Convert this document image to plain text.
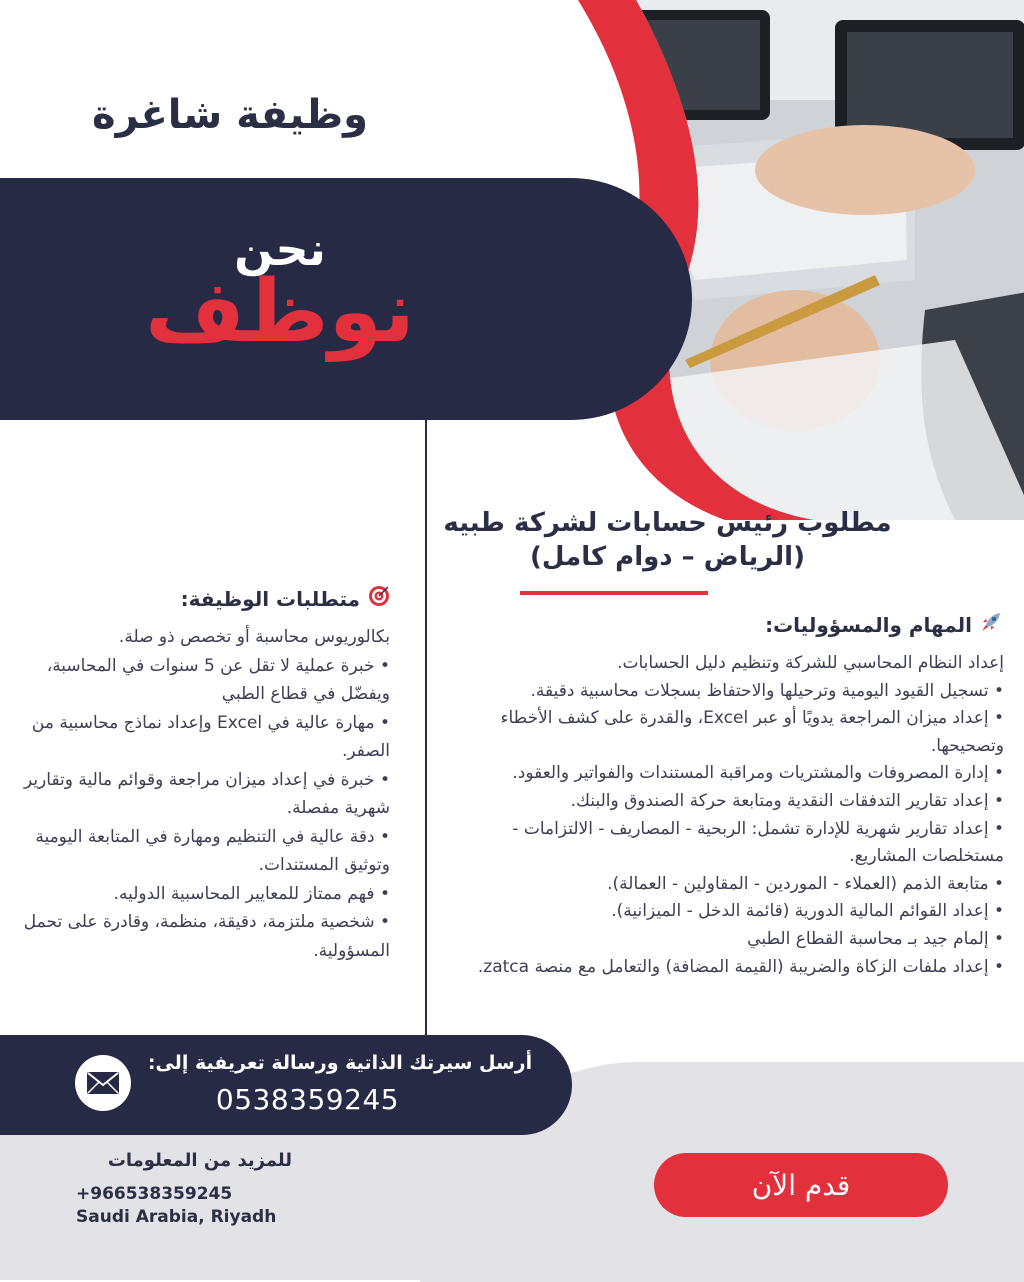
وظيفة شاغرة
نحن
نوظف
مطلوب رئيس حسابات لشركة طبيه
(الرياض – دوام كامل)
متطلبات الوظيفة:
بكالوريوس محاسبة أو تخصص ذو صلة.
• خبرة عملية لا تقل عن 5 سنوات في المحاسبة، ويفضّل في قطاع الطبي
• مهارة عالية في Excel وإعداد نماذج محاسبية من الصفر.
• خبرة في إعداد ميزان مراجعة وقوائم مالية وتقارير شهرية مفصلة.
• دقة عالية في التنظيم ومهارة في المتابعة اليومية وتوثيق المستندات.
• فهم ممتاز للمعايير المحاسبية الدوليه.
• شخصية ملتزمة، دقيقة، منظمة، وقادرة على تحمل المسؤولية.
المهام والمسؤوليات:
إعداد النظام المحاسبي للشركة وتنظيم دليل الحسابات.
• تسجيل القيود اليومية وترحيلها والاحتفاظ بسجلات محاسبية دقيقة.
• إعداد ميزان المراجعة يدويًا أو عبر Excel، والقدرة على كشف الأخطاء وتصحيحها.
• إدارة المصروفات والمشتريات ومراقبة المستندات والفواتير والعقود.
• إعداد تقارير التدفقات النقدية ومتابعة حركة الصندوق والبنك.
• إعداد تقارير شهرية للإدارة تشمل: الربحية - المصاريف - الالتزامات - مستخلصات المشاريع.
• متابعة الذمم (العملاء - الموردين - المقاولين - العمالة).
• إعداد القوائم المالية الدورية (قائمة الدخل - الميزانية).
• إلمام جيد بـ محاسبة القطاع الطبي
• إعداد ملفات الزكاة والضريبة (القيمة المضافة) والتعامل مع منصة zatca.
أرسل سيرتك الذاتية ورسالة تعريفية إلى:
0538359245
للمزيد من المعلومات
+966538359245
Saudi Arabia, Riyadh
قدم الآن
